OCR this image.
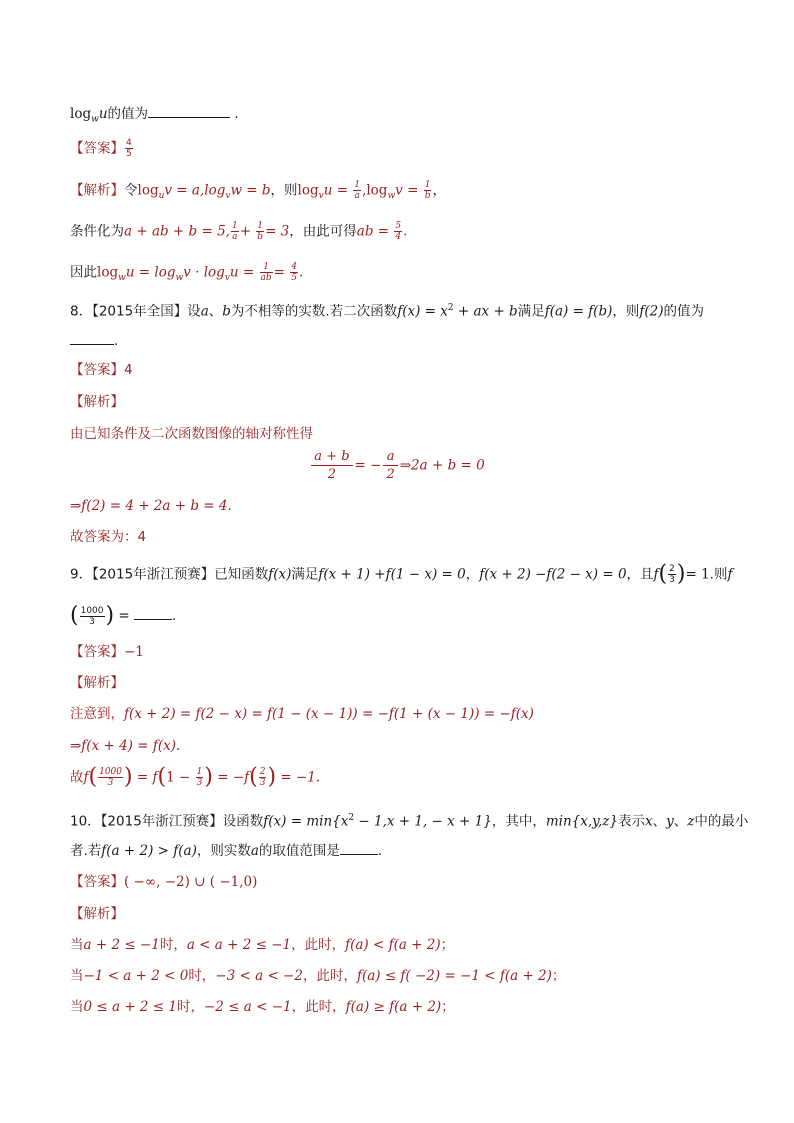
$\log_wu$的值为	.
【答案】 $\frac{4}{5}$
【解析】令$\log_uv = a,\log_vw = b$，则$\log_vu = \frac{1}{a} ,\log_wv = \frac{1}{b}$ ，
条件化为a + ab + b = 5, $\frac{1}{a} + \frac{1}{b} = 3$，由此可得ab = $\frac{5}{4}$ .
因此$\log_wu = \log_wv \cdot \log_vu = \frac{1}{ab} = \frac{4}{5}$ .
8．【2015年全国】设a、b为不相等的实数.若二次函数$f(x) = x^2$ + ax + b满足f(a) = f(b)，则f(2)的值为
.
【答案】4
【解析】
由已知条件及二次函数图像的轴对称性得
$\frac{a + b}{2}$ = − $\frac{a}{2}$ ⇒2a + b = 0
⇒f(2) = 4 + 2a + b = 4.
故答案为：4
9．【2015年浙江预赛】已知函数f(x)满足f(x + 1) +f(1 − x) = 0，f(x + 2) −f(2 − x) = 0，且$f( \frac{2}{3}$ )= 1.则f
( $\frac{1000}{3}$ ) =	.
【答案】−1
【解析】
注意到，f(x + 2) = f(2 − x) = f(1 − (x − 1)) = −f(1 + (x − 1)) = −f(x)
⇒f(x + 4) = f(x).
故$f( \frac{1000}{3}$ ) = $f(1 - \frac{1}{3}$ ) = $-f( \frac{2}{3}$ ) = −1.
10．【2015年浙江预赛】设函数$f(x) = \min\{x^2 - 1,x + 1$, − x + 1}，其中，min{x,y,z}表示x、y、z中的最小
者.若f(a + 2) > f(a)，则实数a的取值范围是	.
【答案】( −∞, −2) ∪ ( −1,0)
【解析】
当a + 2 ≤ −1时，a < a + 2 ≤ −1，此时，f(a) < f(a + 2)；
当−1 < a + 2 < 0时，−3 < a < −2，此时，f(a) ≤ f( −2) = −1 < f(a + 2)；
当0 ≤ a + 2 ≤ 1时，−2 ≤ a < −1，此时，f(a) ≥ f(a + 2)；
